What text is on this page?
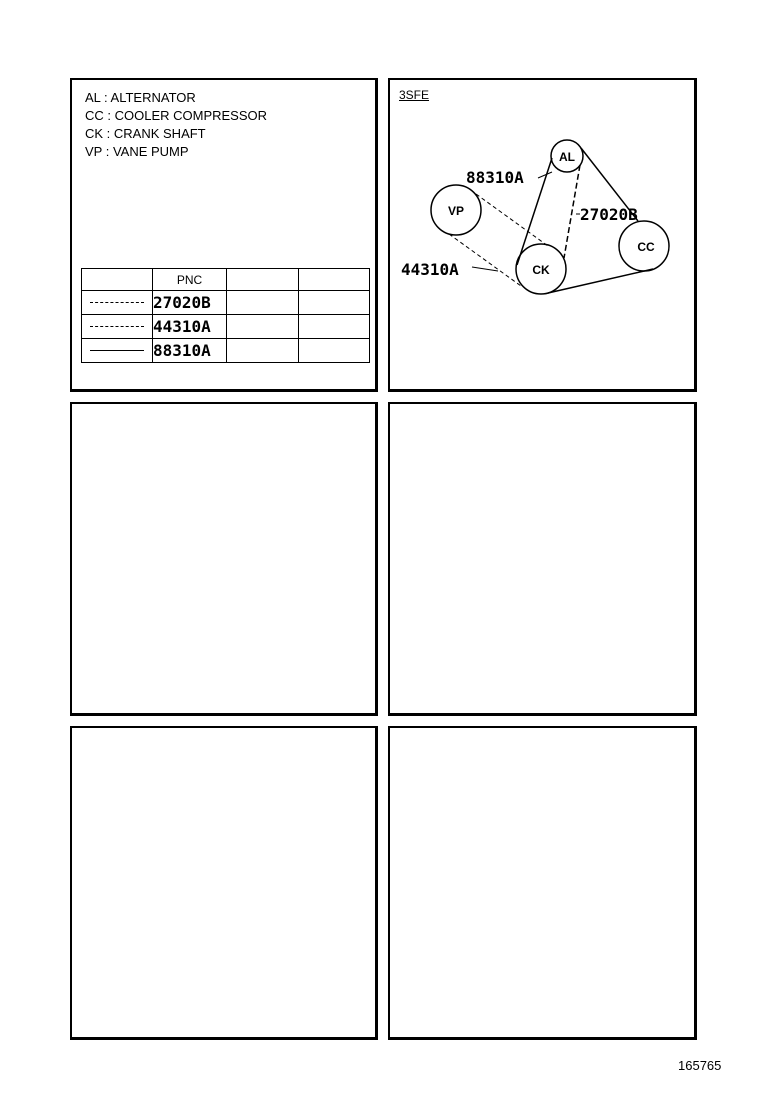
AL : ALTERNATOR
CC : COOLER COMPRESSOR
CK : CRANK SHAFT
VP : VANE PUMP
	PNC		

	27020B		

	44310A		

	88310A		
3SFE
AL
VP
CK
CC
88310A
27020B
44310A
165765
